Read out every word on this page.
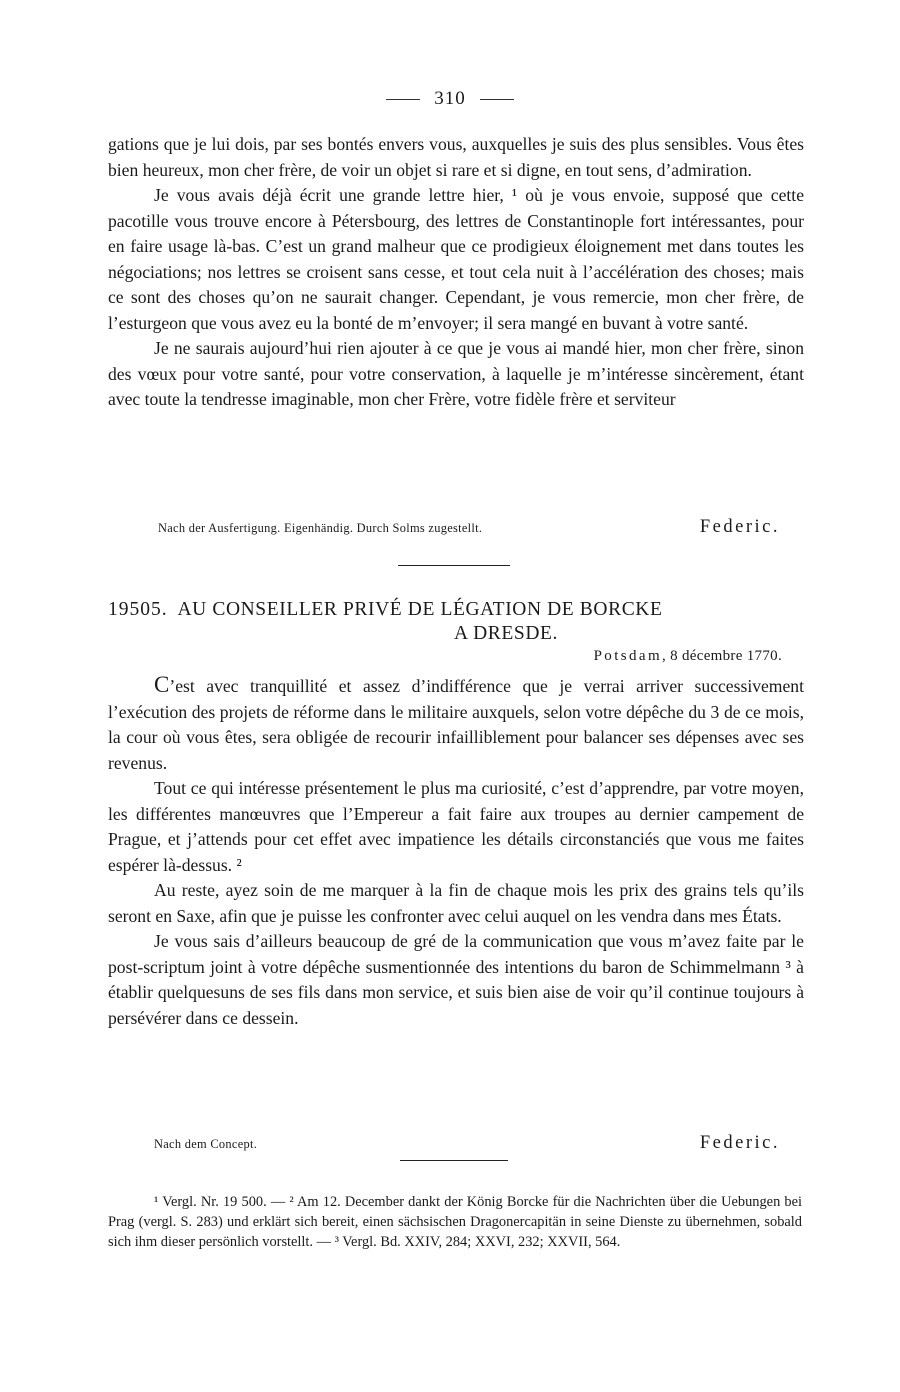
310

gations que je lui dois, par ses bontés envers vous, auxquelles je suis des plus sensibles. Vous êtes bien heureux, mon cher frère, de voir un objet si rare et si digne, en tout sens, d’admiration.

Je vous avais déjà écrit une grande lettre hier, ¹ où je vous envoie, supposé que cette pacotille vous trouve encore à Pétersbourg, des lettres de Constantinople fort intéressantes, pour en faire usage là-bas. C’est un grand malheur que ce prodigieux éloignement met dans toutes les négociations; nos lettres se croisent sans cesse, et tout cela nuit à l’accélération des choses; mais ce sont des choses qu’on ne saurait changer. Cependant, je vous remercie, mon cher frère, de l’esturgeon que vous avez eu la bonté de m’envoyer; il sera mangé en buvant à votre santé.

Je ne saurais aujourd’hui rien ajouter à ce que je vous ai mandé hier, mon cher frère, sinon des vœux pour votre santé, pour votre conservation, à laquelle je m’intéresse sincèrement, étant avec toute la tendresse imaginable, mon cher Frère, votre fidèle frère et serviteur

Nach der Ausfertigung. Eigenhändig. Durch Solms zugestellt.	Federic.
19505. AU CONSEILLER PRIVÉ DE LÉGATION DE BORCKE
A DRESDE.
Potsdam, 8 décembre 1770.

C’est avec tranquillité et assez d’indifférence que je verrai arriver successivement l’exécution des projets de réforme dans le militaire auxquels, selon votre dépêche du 3 de ce mois, la cour où vous êtes, sera obligée de recourir infailliblement pour balancer ses dépenses avec ses revenus.

Tout ce qui intéresse présentement le plus ma curiosité, c’est d’apprendre, par votre moyen, les différentes manœuvres que l’Empereur a fait faire aux troupes au dernier campement de Prague, et j’attends pour cet effet avec impatience les détails circonstanciés que vous me faites espérer là-dessus. ²

Au reste, ayez soin de me marquer à la fin de chaque mois les prix des grains tels qu’ils seront en Saxe, afin que je puisse les confronter avec celui auquel on les vendra dans mes États.

Je vous sais d’ailleurs beaucoup de gré de la communication que vous m’avez faite par le post-scriptum joint à votre dépêche susmentionnée des intentions du baron de Schimmelmann ³ à établir quelquesuns de ses fils dans mon service, et suis bien aise de voir qu’il continue toujours à persévérer dans ce dessein.

Nach dem Concept.	Federic.

¹ Vergl. Nr. 19 500. — ² Am 12. December dankt der König Borcke für die Nachrichten über die Uebungen bei Prag (vergl. S. 283) und erklärt sich bereit, einen sächsischen Dragonercapitän in seine Dienste zu übernehmen, sobald sich ihm dieser persönlich vorstellt. — ³ Vergl. Bd. XXIV, 284; XXVI, 232; XXVII, 564.
